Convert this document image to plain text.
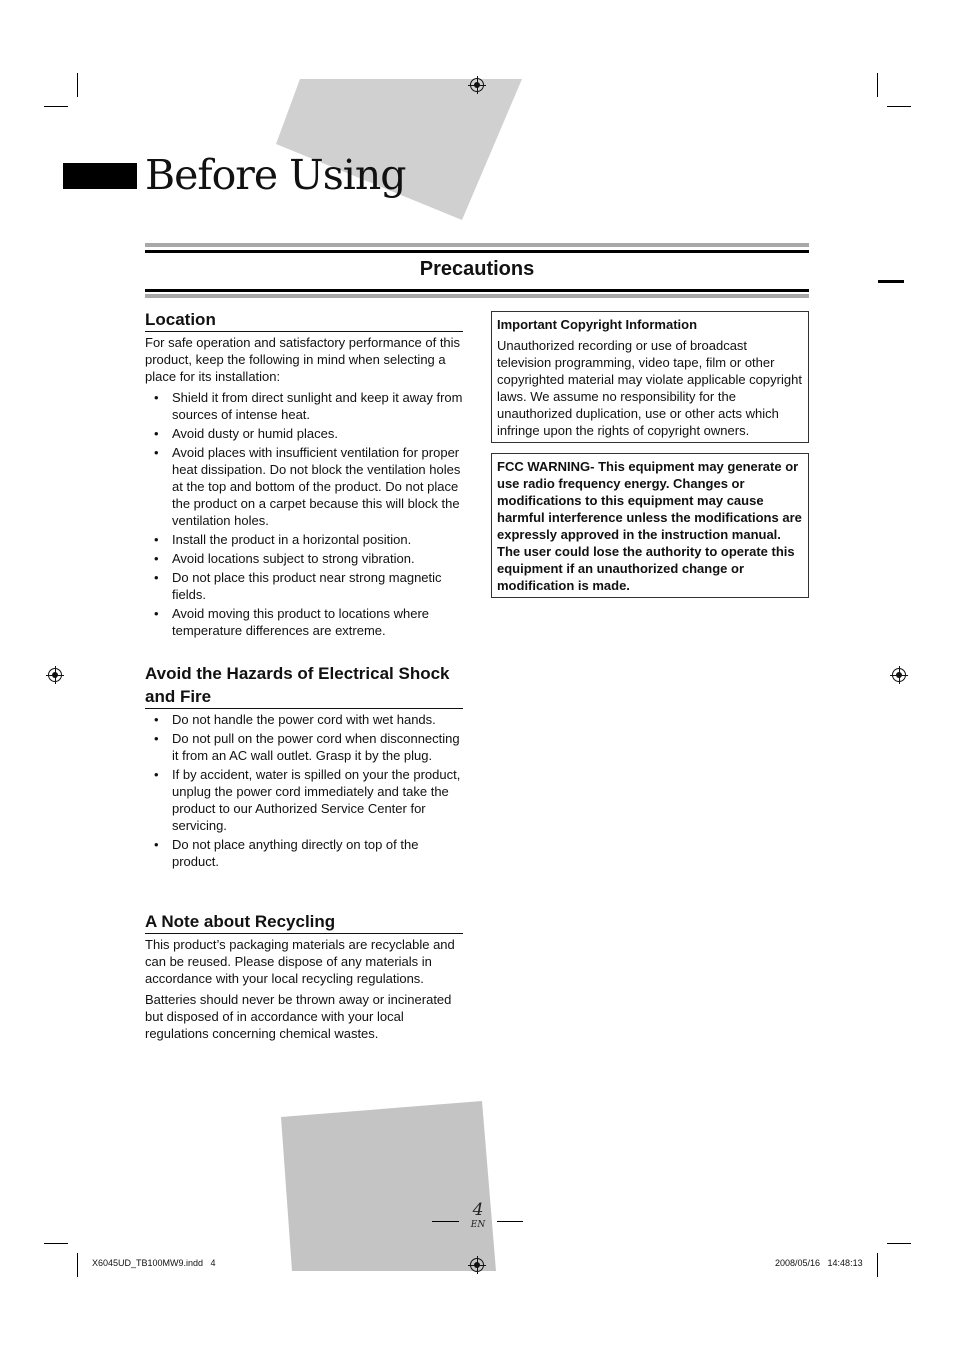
Before Using
Precautions
Location

For safe operation and satisfactory performance of this product, keep the following in mind when selecting a place for its installation:

• Shield it from direct sunlight and keep it away from sources of intense heat.
• Avoid dusty or humid places.
• Avoid places with insufficient ventilation for proper heat dissipation. Do not block the ventilation holes at the top and bottom of the product. Do not place the product on a carpet because this will block the ventilation holes.
• Install the product in a horizontal position.
• Avoid locations subject to strong vibration.
• Do not place this product near strong magnetic fields.
• Avoid moving this product to locations where temperature differences are extreme.
Avoid the Hazards of Electrical Shock and Fire
• Do not handle the power cord with wet hands.
• Do not pull on the power cord when disconnecting it from an AC wall outlet. Grasp it by the plug.
• If by accident, water is spilled on your the product, unplug the power cord immediately and take the product to our Authorized Service Center for servicing.
• Do not place anything directly on top of the product.
A Note about Recycling

This product’s packaging materials are recyclable and can be reused. Please dispose of any materials in accordance with your local recycling regulations.

Batteries should never be thrown away or incinerated but disposed of in accordance with your local regulations concerning chemical wastes.

Important Copyright Information

Unauthorized recording or use of broadcast television programming, video tape, film or other copyrighted material may violate applicable copyright laws. We assume no responsibility for the unauthorized duplication, use or other acts which infringe upon the rights of copyright owners.

FCC WARNING- This equipment may generate or use radio frequency energy. Changes or modifications to this equipment may cause harmful interference unless the modifications are expressly approved in the instruction manual. The user could lose the authority to operate this equipment if an unauthorized change or modification is made.

4
EN
X6045UD_TB100MW9.indd   4	2008/05/16   14:48:13
